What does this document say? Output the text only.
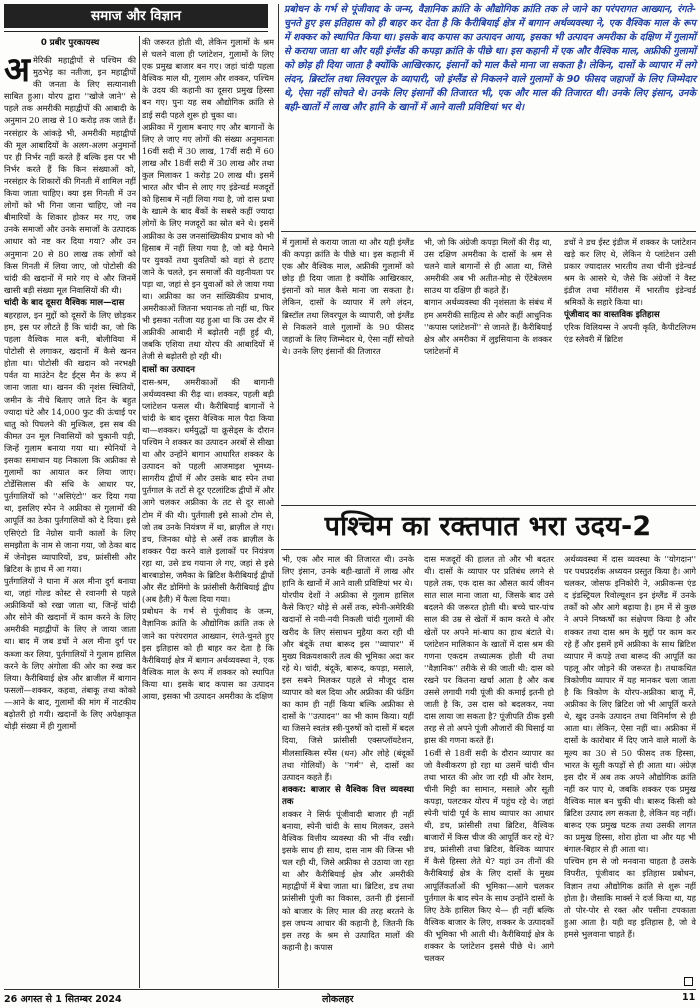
समाज और विज्ञान
0 प्रबीर पुरकायस्थ
प्रबोधन के गर्भ से पूंजीवाद के जन्म, वैज्ञानिक क्रांति के औद्योगिक क्रांति तक ले जाने का परंपरागत आख्यान, रंगते-चुनते हुए इस इतिहास को ही बाहर कर देता है कि कैरीबियाई क्षेत्र में बागान अर्थव्यवस्था ने, एक वैश्विक माल के रूप में शक्कर को स्थापित किया था। इसके बाद कपास का उत्पादन आया, इसका भी उत्पादन अमरीका के दक्षिण में गुलामों से कराया जाता था और यही इंग्लैंड की कपड़ा क्रांति के पीछे था। इस कहानी में एक और वैश्विक माल, अफ्रीकी गुलामों को छोड़ ही दिया जाता है क्योंकि आखिरकार, इंसानों को माल कैसे माना जा सकता है। लेकिन, दासों के व्यापार में लगे लंदन, ब्रिस्टॉल तथा लिवरपूल के व्यापारी, जो इंग्लैंड से निकलने वाले गुलामों के 90 फीसद जहाजों के लिए जिम्मेदार थे, ऐसा नहीं सोचते थे। उनके लिए इंसानों की तिजारत भी, एक और माल की तिजारत थी। उनके लिए इंसान, उनके बही-खातों में लाख और हानि के खानों में आने वाली प्रविष्टियां भर थे।

अमेरिकी महाद्वीपों से पश्चिम की मुठभेड़ का नतीजा, इन महाद्वीपों की जनता के लिए सत्यानाशी साबित हुआ। योरप द्वारा ''खोजे जाने'' से पहले तक अमरीकी महाद्वीपों की आबादी के अनुमान 20 लाख से 10 करोड़ तक जाते हैं। नरसंहार के आंकड़े भी, अमरीकी महाद्वीपों की मूल आबादियों के अलग-अलग अनुमानों पर ही निर्भर नहीं करते हैं बल्कि इस पर भी निर्भर करते हैं कि किन संख्याओं को, नरसंहार के शिकारों की गिनती में शामिल नहीं किया जाता चाहिए। क्या इस गिनती में उन लोगों को भी गिना जाना चाहिए, जो नव बीमारियों के शिकार होकर मर गए, जब उनके समाजों और उनके समाजों के उत्पादक आधार को नष्ट कर दिया गया? और उन अनुमानः 20 से 80 लाख तक लोगों को किस गिनती में लिया जाए, जो पोटोसी की चांदी की खदानों में मारे गए थे और जिनमें खासी बड़ी संख्या मूल निवासियों की थी।

चांदी के बाद दूसरा वैश्विक माल—दास

बहरहाल, इन मुद्दों को दूसरों के लिए छोड़कर हम, इस पर लौटते हैं कि चांदी का, जो कि पहला वैश्विक माल बनी, बोलीविया में पोटोसी से लगाकर, खदानों में कैसे खनन होता था। पोटोसी की खदान को नरभक्षी पर्वत या माउंटेन दैट ईट्स मैन के रूप में जाना जाता था। खनन की नृशंस स्थितियों, जमीन के नीचे बिताए जाते दिन के बहुत ज्यादा घंटे और 14,000 फुट की ऊंचाई पर धातु को पिघलने की मुश्किल, इस सब की कीमत उन मूल निवासियों को चुकानी पड़ी, जिन्हें गुलाम बनाया गया था। स्पेनियों ने इसका समाधान यह निकाला कि अफ्रीका से गुलामों का आयात कर लिया जाए। टोर्डेसिलास की संधि के आधार पर, पुर्तगालियों को ''असिएंटो'' कर दिया गया था, इसलिए स्पेन ने अफ्रीका से गुलामों की आपूर्ति का ठेका पुर्तगालियों को दे दिया। इसे एसिएंटो डि नेग्रोस यानी कालों के लिए समझौता के नाम से जाना गया, जो ठेका बाद में जेनोइस व्यापारियों, डच, फ्रांसीसी और ब्रिटिश के हाथ में आ गया।

पुर्तगालियों ने घाना में अल मीना दुर्ग बनाया था, जहां गोल्ड कोस्ट से रवानगी से पहले अफ्रीकियों को रखा जाता था, जिन्हें चांदी और सोने की खदानों में काम करने के लिए अमरीकी महाद्वीपों के लिए ले जाया जाता था। बाद में जब डचों ने अल मीना दुर्ग पर कब्जा कर लिया, पुर्तगालियों ने गुलाम हासिल करने के लिए अंगोला की ओर का रुख कर लिया। कैरीबियाई क्षेत्र और ब्राजील में बागान फसलों—शक्कर, कहवा, तंबाकू तथा कोको—आने के बाद, गुलामों की मांग में नाटकीय बढ़ोतरी हो गयी। खदानों के लिए अपेक्षाकृत थोड़ी संख्या में ही गुलामों

की जरूरत होती थी, लेकिन गुलामों के श्रम से चलने वाला ही प्लांटेशन, गुलामों के लिए एक प्रमुख बाजार बन गए। जहां चांदी पहला वैश्विक माल थी, गुलाम और शक्कर, पश्चिम के उदय की कहानी का दूसरा प्रमुख हिस्सा बन गए। पुनः यह सब औद्योगिक क्रांति से डाई सदी पहले शुरू हो चुका था।

अफ्रीका में गुलाम बनाए गए और बागानों के लिए ले जाए गए लोगों की संख्या अनुमानतः 16वीं सदी में 30 लाख, 17वीं सदी में 60 लाख और 18वीं सदी में 30 लाख और तथा कुल मिलाकर 1 करोड़ 20 लाख थी। इसमें भारत और चीन से लाए गए इंडेन्चर्ड मजदूरों को हिसाब में नहीं लिया गया है, जो दास प्रथा के खात्मे के बाद बैंकों के सबसे कहीं ज्यादा लोगों के लिए मजदूरों का स्रोत बने थे। इसमें अफ्रीका के उस जनसांख्यिकीय प्रभाव को भी हिसाब में नहीं लिया गया है, जो बड़े पैमाने पर युवकों तथा युवतियों को वहां से हटाए जाने के चलते, इन समाजों की वहनीयता पर पड़ा था, जहां से इन युवाओं को ले जाया गया था। अफ्रीका का जन सांख्यिकीय प्रभाव, अमरीकाओं जितना भयानक तो नहीं था, फिर भी इसका नतीजा यह हुआ था कि उस दौर में अफ्रीकी आबादी में बढ़ोतरी नहीं हुई थी, जबकि एशिया तथा योरप की आबादियों में तेजी से बढ़ोतरी हो रही थी।

दासों का उत्पादन

दास-श्रम, अमरीकाओं की बागानी अर्थव्यवस्था की रीढ़ था। शक्कर, पहली बड़ी प्लांटेशन फसल थी। कैरीबियाई बागानों ने चांदी के बाद दूसरा वैश्विक माल पैदा किया था—शक्कर। धर्मयुद्धों या क्रूसेड्स के दौरान पश्चिम ने शक्कर का उत्पादन अरबों से सीखा था और उन्होंने बागान आधारित शक्कर के उत्पादन को पहली आजमाइश भूमध्य-सागरीय द्वीपों में और उसके बाद स्पेन तथा पुर्तगाल के तटों से दूर एटलांटिक द्वीपों में और आगे चलकर अफ्रीका के तट से दूर साओ टोम में की थी। पुर्तगाली इसे साओ टोम से, जो तब उनके नियंत्रण में था, ब्राज़ील ले गए। डच, जिनका थोड़े से अर्से तक ब्राज़ील के शक्कर पैदा करने वाले इलाकों पर नियंत्रण रहा था, उसे डच गयाना ले गए, जहां से इसे बारबाडोस, जमैका के ब्रिटिश कैरीबियाई द्वीपों और सैंट डोमिंगो के फ्रांसीसी कैरीबियाई द्वीप (अब हैती) में फैला दिया गया।

प्रबोधन के गर्भ से पूंजीवाद के जन्म, वैज्ञानिक क्रांति के औद्योगिक क्रांति तक ले जाने का परंपरागत आख्यान, रंगते-चुनते हुए इस इतिहास को ही बाहर कर देता है कि कैरीबियाई क्षेत्र में बागान अर्थव्यवस्था ने, एक वैश्विक माल के रूप में शक्कर को स्थापित किया था। इसके बाद कपास का उत्पादन आया, इसका भी उत्पादन अमरीका के दक्षिण

में गुलामों से कराया जाता था और यही इंग्लैंड की कपड़ा क्रांति के पीछे था। इस कहानी में एक और वैश्विक माल, अफ्रीकी गुलामों को छोड़ ही दिया जाता है क्योंकि आखिरकार, इंसानों को माल कैसे माना जा सकता है। लेकिन, दासों के व्यापार में लगे लंदन, ब्रिस्टॉल तथा लिवरपूल के व्यापारी, जो इंग्लैंड से निकलने वाले गुलामों के 90 फीसद जहाजों के लिए जिम्मेदार थे, ऐसा नहीं सोचते थे। उनके लिए इंसानों की तिजारत

भी, जो कि अंग्रेजी कपड़ा मिलों की रीढ़ था, उस दक्षिण अमरीका के दासों के श्रम से चलने वाले बागानों से ही आता था, जिसे अमरीकी अब भी अतीत-मोह से ऐंटेबेल्लम साउथ या दक्षिण ही कहते हैं।

बागान अर्थव्यवस्था की नृशंसता के संबंध में हम अमरीकी साहित्य से और कहीं आधुनिक ''कपास प्लांटेशनों'' से जानते हैं। कैरीबियाई क्षेत्र और अमरीका में लुइसियाना के शक्कर प्लांटेशनों में

डचों ने डच ईस्ट इंडीज में शक्कर के प्लांटेशन खड़े कर लिए थे, लेकिन ये प्लांटेशन उसी प्रकार ज्यादातर भारतीय तथा चीनी इंडेन्चर्ड श्रम के आसरे थे, जैसे कि अंग्रेजों ने वैस्ट इंडीज तथा मॉरीशस में भारतीय इंडेन्चर्ड श्रमिकों के सहारे किया था।

पूंजीवाद का वास्तविक इतिहास

एरिक विलियम्स ने अपनी कृति, कैपीटलिज्म एंड स्लेवरी में ब्रिटिश

पश्चिम का रक्तपात भरा उदय-2

भी, एक और माल की तिजारत थी। उनके लिए इंसान, उनके बही-खातों में लाख और हानि के खानों में आने वाली प्रविष्टियां भर थे।

योरपीय देशों ने अफ्रीका से गुलाम हासिल कैसे किए? थोड़े से अर्से तक, स्पेनी-अमेरिकी खदानों से नयी-नयी निकली चांदी गुलामों की खरीद के लिए संसाधन मुहैया करा रही थी और बंदूकें तथा बारूद इस ''व्यापार'' में मुख्य विक्रयशकारी तत्व की भूमिका अदा कर रहे थे। चांदी, बंदूकें, बारूद, कपड़ा, मसाले, इस सबने मिलकर पहले से मौजूद दास व्यापार को बल दिया और अफ्रीका की फंडिंग का काम ही नहीं किया बल्कि अफ्रीका से दासों के ''उत्पादन'' का भी काम किया। यहीं था जिसने स्वतंत्र स्त्री-पुरुषों को दासों में बदल दिया, जिसे फ्रांसीसी एक्सप्लॉयटेशन, मीलसास्किस स्पेंस (धन) और लोहे (बंदूकों तथा गोलियों) के ''गर्म'' से, दासों का उत्पादन कहते हैं।

शक्कर: बाजार से वैश्विक वित्त व्यवस्था तक

शक्कर ने सिर्फ पूंजीवादी बाजार ही नहीं बनाया, स्पेनी चांदी के साथ मिलकर, उसने वैश्विक वित्तीय व्यवस्था की भी नींव रखी। इसके साथ ही साथ, दास नाम की जिन्स भी चल रही थी, जिसे अफ्रीका से उठाया जा रहा था और कैरीबियाई क्षेत्र और अमरीकी महाद्वीपों में बेचा जाता था। ब्रिटिश, डच तथा फ्रांसीसी पूंजी का विकास, उतनी ही इंसानों को बाजार के लिए माल की तरह बरतने के इस जघन्य आचार की कहानी है, जितनी कि इस तरह के श्रम से उत्पादित मालों की कहानी है। कपास

दास मजदूरों की हालत तो और भी बदतर थी। दासों के व्यापार पर प्रतिबंध लगने से पहले तक, एक दास का औसत कार्य जीवन सात साल माना जाता था, जिसके बाद उसे बदलने की जरूरत होती थी। बच्चे चार-पांच साल की उम्र से खेतों में काम करते थे और खेतों पर अपने मां-बाप का हाथ बंटाते थे। प्लांटेशन मालिकान के खातों में दास श्रम की गणना एकदम तथ्यात्मक होती थी तथा ''वैज्ञानिक'' तरीके से की जाती थी: दास को रखने पर कितना खर्चा आता है और कब उससे लगायी गयी पूंजी की कमाई इतनी हो जाती है कि, उस दास को बदलकर, नया दास लाया जा सकता है? पूंजीपति ठीक इसी तरह से तो अपने पूंजी औजारों की घिसाई या ह्रास की गणना करते हैं।

16वीं से 18वीं सदी के दौरान व्यापार का जो वैश्वीकरण हो रहा था उसमें चांदी चीन तथा भारत की ओर जा रही थी और रेशम, चीनी मिट्टी का सामान, मसाले और सूती कपड़ा, पलटकर योरप में पहुंच रहे थे। जहां स्पेनी चांदी पूर्व के साथ व्यापार का आधार थी, डच, फ्रांसीसी तथा ब्रिटिश, वैश्विक बाजारों में किस चीज की आपूर्ति कर रहे थे? डच, फ्रांसीसी तथा ब्रिटिश, वैश्विक व्यापार में कैसे हिस्सा लेते थे? यहां उन तीनों की कैरीबियाई क्षेत्र के लिए दासों के मुख्य आपूर्तिकर्ताओं की भूमिका—आगे चलकर पुर्तगाल के बाद स्पेन के साथ उन्होंने दासों के लिए ठेके हासिल किए थे— ही नहीं बल्कि वैश्विक बाजार के लिए, शक्कर के उत्पादकों की भूमिका भी आती थी। कैरीबियाई क्षेत्र के शक्कर के प्लांटेशन इससे पीछे थे। आगे चलकर

अर्थव्यवस्था में दास व्यवस्था के ''योगदान'' पर पथप्रदर्शक अध्ययन प्रस्तुत किया है। आगे चलकर, जोसफ इनिकोरी ने, अफ्रीकन्स एंड द इंडस्ट्रियल रिवोल्यूशन इन इंग्लैंड में उनके तर्कों को और आगे बढ़ाया है। हम में से कुछ ने अपने निष्कर्षों का संक्षेपण किया है और शक्कर तथा दास श्रम के मुद्दों पर काम कर रहे हैं और इसमें हमें अफ्रीका के साथ ब्रिटिश व्यापार में कपड़े तथा बारूद की आपूर्ति का पहलू और जोड़ने की जरूरत है। तथाकथित त्रिकोणीय व्यापार में यह मानकर चला जाता है कि त्रिकोण के योरप-अफ्रीका बाजू में, अफ्रीका के लिए ब्रिटिश जो भी आपूर्ति करते थे, खुद उनके उत्पादन तथा विनिर्माण से ही आता था। लेकिन, ऐसा नहीं था। अफ्रीका में दासों के कारोबार में दिए जाने वाले मालों के मूल्य का 30 से 50 फीसद तक हिस्सा, भारत के सूती कपड़ों से ही आता था। अंग्रेज़ इस दौर में अब तक अपने औद्योगिक क्रांति नहीं कर पाए थे, जबकि शक्कर एक प्रमुख वैश्विक माल बन चुकी थी। बारूद किसी को ब्रिटिश उत्पाद लग सकता है, लेकिन वह नहीं। बारूद एक प्रमुख घटक तथा उसकी लागत का प्रमुख हिस्सा, शोरा होता था और यह भी बंगाल-बिहार से ही आता था।

पश्चिम हम से जो मनवाना चाहता है उसके विपरीत, पूंजीवाद का इतिहास प्रबोधन, विज्ञान तथा औद्योगिक क्रांति से शुरू नहीं होता है। जैसाकि मार्क्स ने दर्ज किया था, यह तो पोर-पोर से रक्त और पसीना टपकाता हुआ आता है। यही वह इतिहास है, जो वे हमसे भुलवाना चाहते हैं।

26 अगस्त से 1 सितम्बर 2024	लोकलहर	11
